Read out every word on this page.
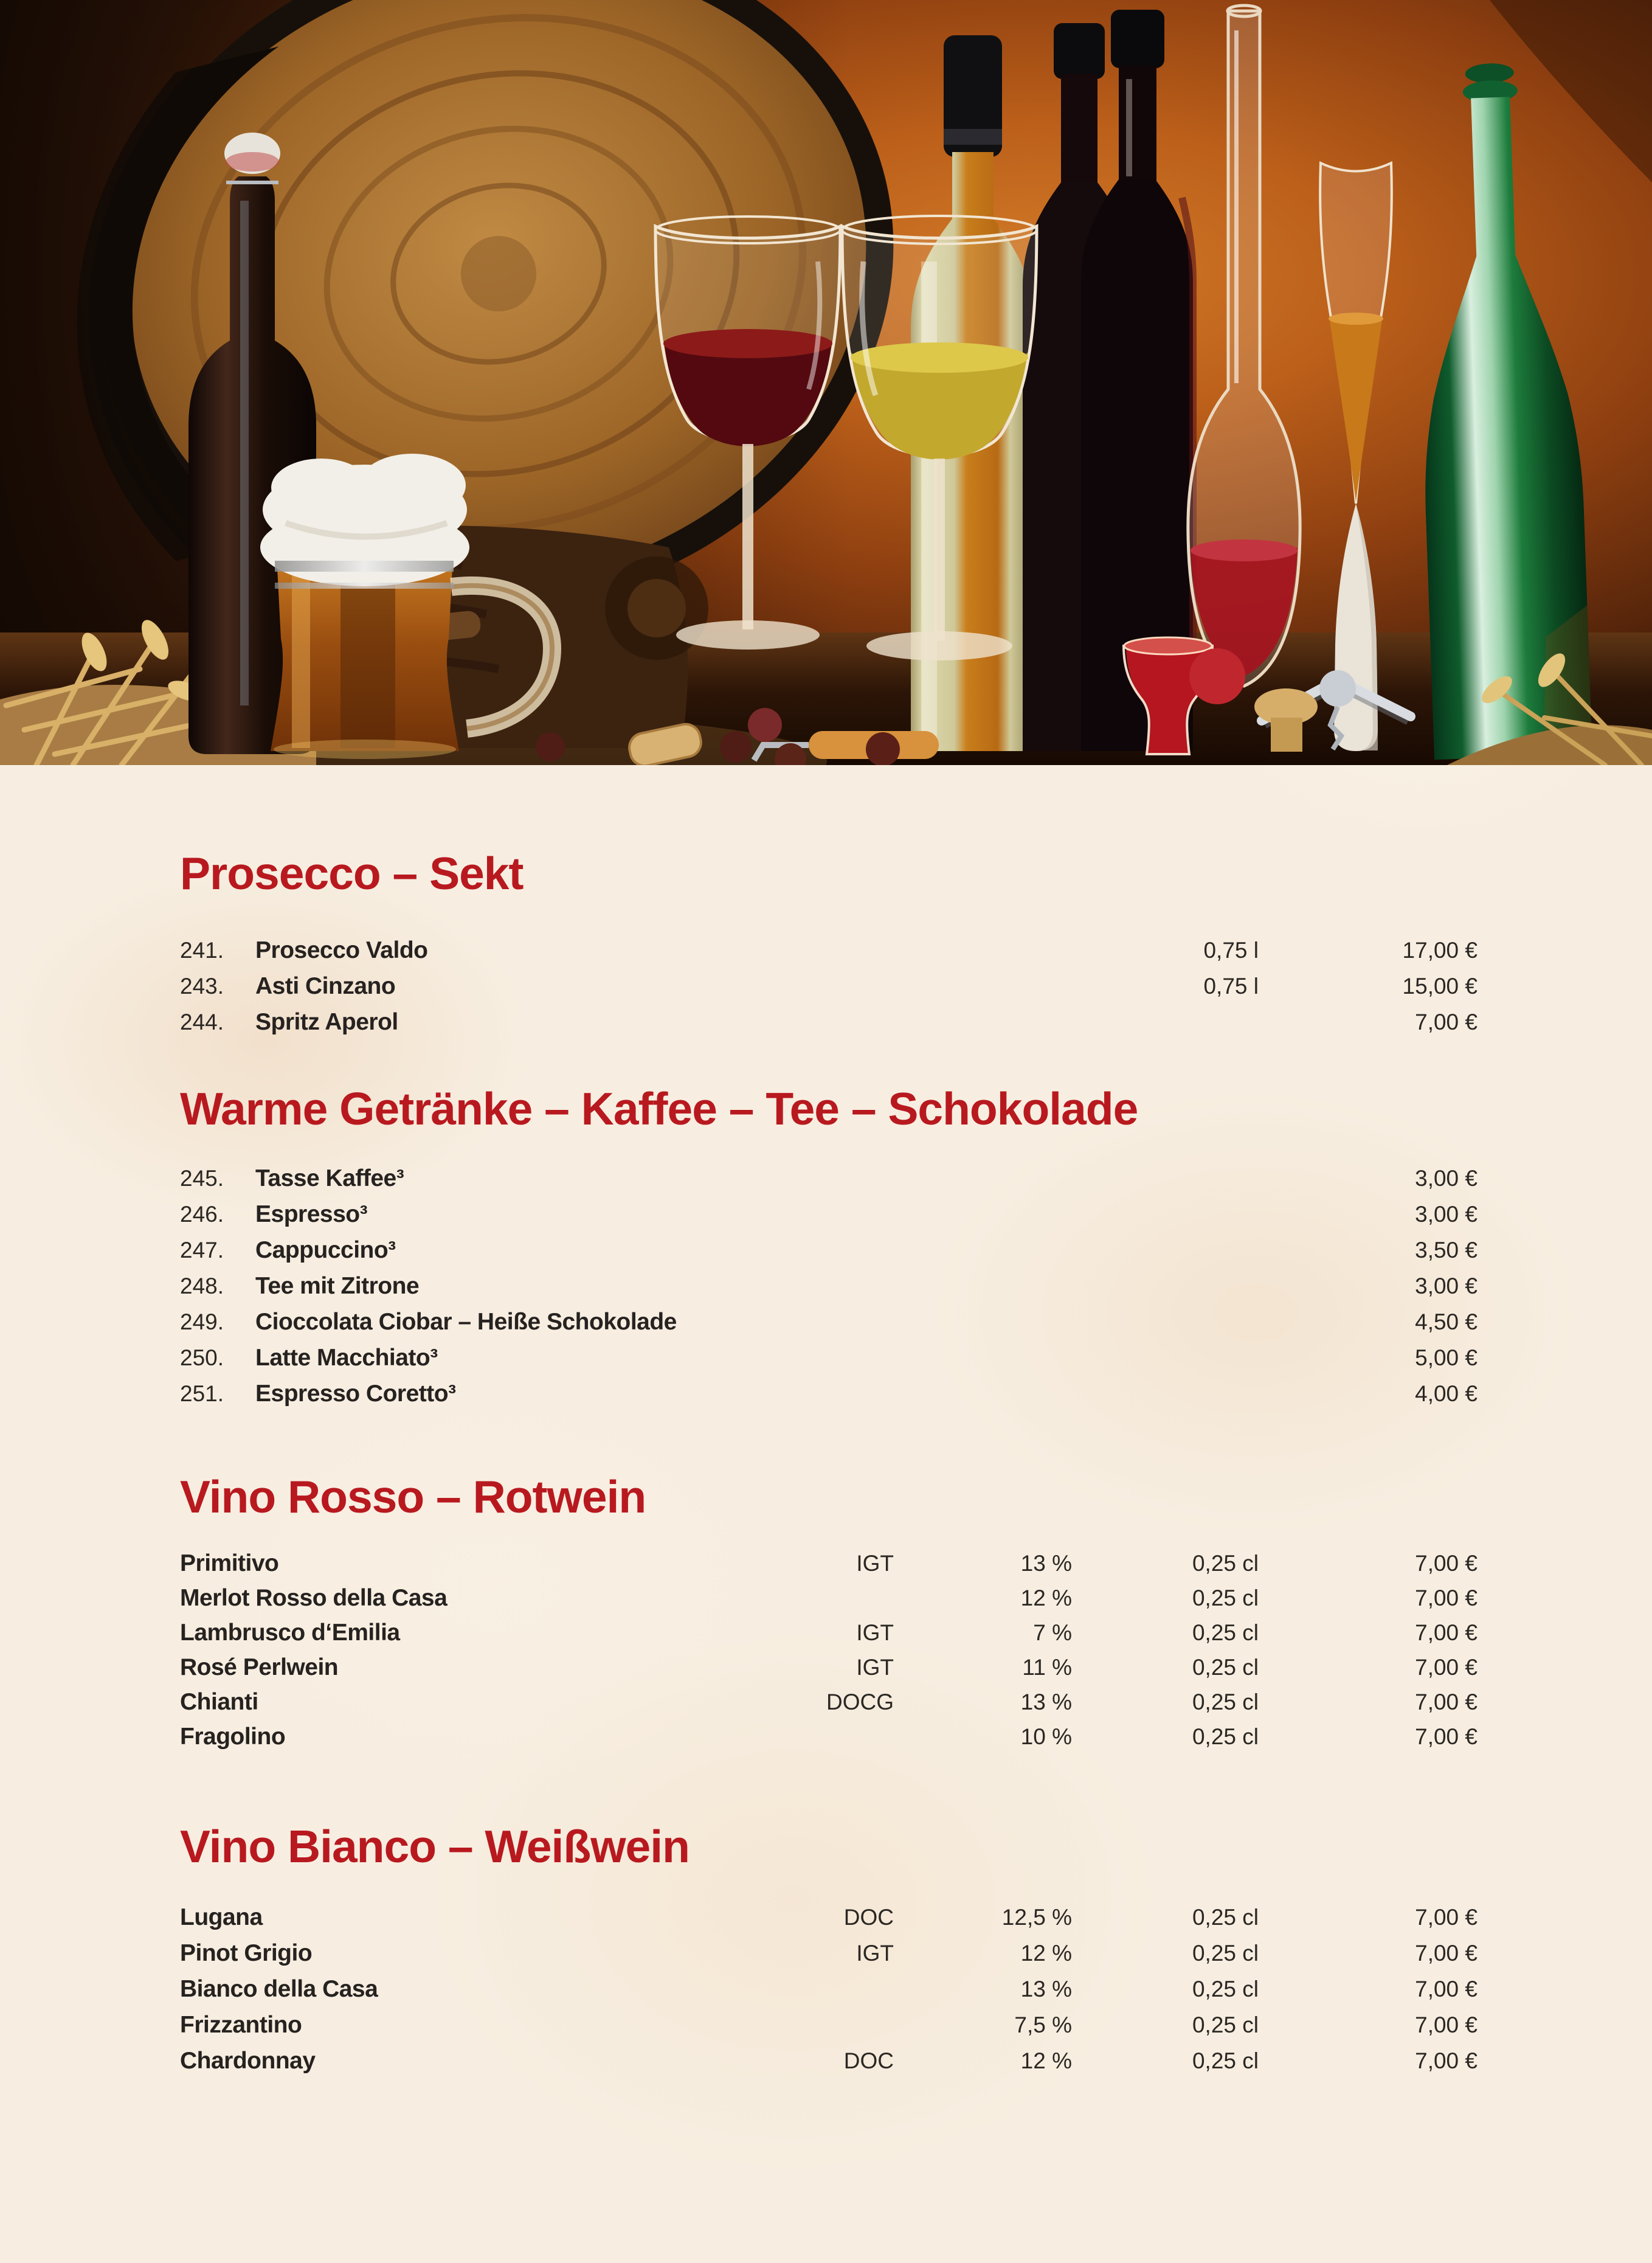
Prosecco – Sekt
241. Prosecco Valdo	0,75 l	17,00 €
243. Asti Cinzano	0,75 l	15,00 €
244. Spritz Aperol	7,00 €
Warme Getränke – Kaffee – Tee – Schokolade
245. Tasse Kaffee³	3,00 €
246. Espresso³	3,00 €
247. Cappuccino³	3,50 €
248. Tee mit Zitrone	3,00 €
249. Cioccolata Ciobar – Heiße Schokolade	4,50 €
250. Latte Macchiato³	5,00 €
251. Espresso Coretto³	4,00 €
Vino Rosso – Rotwein
Primitivo	IGT	13 %	0,25 cl	7,00 €
Merlot Rosso della Casa	12 %	0,25 cl	7,00 €
Lambrusco d‘Emilia	IGT	7 %	0,25 cl	7,00 €
Rosé Perlwein	IGT	11 %	0,25 cl	7,00 €
Chianti	DOCG	13 %	0,25 cl	7,00 €
Fragolino	10 %	0,25 cl	7,00 €
Vino Bianco – Weißwein
Lugana	DOC	12,5 %	0,25 cl	7,00 €
Pinot Grigio	IGT	12 %	0,25 cl	7,00 €
Bianco della Casa	13 %	0,25 cl	7,00 €
Frizzantino	7,5 %	0,25 cl	7,00 €
Chardonnay	DOC	12 %	0,25 cl	7,00 €
